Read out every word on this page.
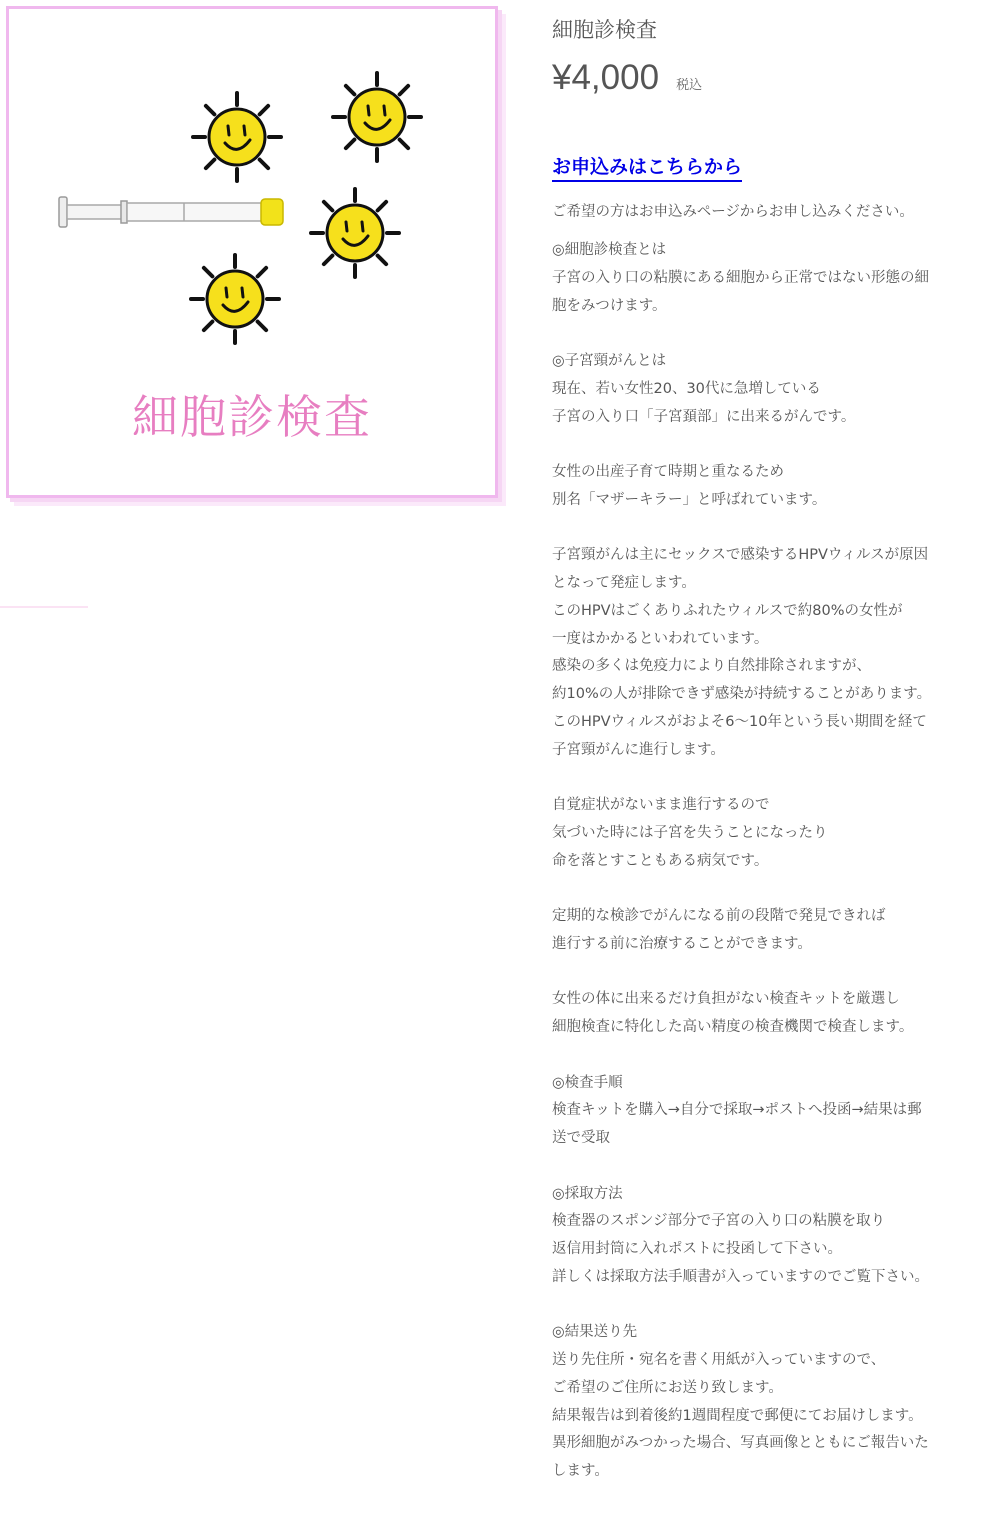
細胞診検査
細胞診検査
¥4,000 税込
お申込みはこちらから
ご希望の方はお申込みページからお申し込みください。
◎細胞診検査とは
子宮の入り口の粘膜にある細胞から正常ではない形態の細
胞をみつけます。
◎子宮頸がんとは
現在、若い女性20、30代に急増している
子宮の入り口「子宮頚部」に出来るがんです。
女性の出産子育て時期と重なるため
別名「マザーキラー」と呼ばれています。
子宮頸がんは主にセックスで感染するHPVウィルスが原因
となって発症します。
このHPVはごくありふれたウィルスで約80%の女性が
一度はかかるといわれています。
感染の多くは免疫力により自然排除されますが、
約10%の人が排除できず感染が持続することがあります。
このHPVウィルスがおよそ6〜10年という長い期間を経て
子宮頸がんに進行します。
自覚症状がないまま進行するので
気づいた時には子宮を失うことになったり
命を落とすこともある病気です。
定期的な検診でがんになる前の段階で発見できれば
進行する前に治療することができます。
女性の体に出来るだけ負担がない検査キットを厳選し
細胞検査に特化した高い精度の検査機関で検査します。
◎検査手順
検査キットを購入→自分で採取→ポストへ投函→結果は郵
送で受取
◎採取方法
検査器のスポンジ部分で子宮の入り口の粘膜を取り
返信用封筒に入れポストに投函して下さい。
詳しくは採取方法手順書が入っていますのでご覧下さい。
◎結果送り先
送り先住所・宛名を書く用紙が入っていますので、
ご希望のご住所にお送り致します。
結果報告は到着後約1週間程度で郵便にてお届けします。
異形細胞がみつかった場合、写真画像とともにご報告いた
します。
